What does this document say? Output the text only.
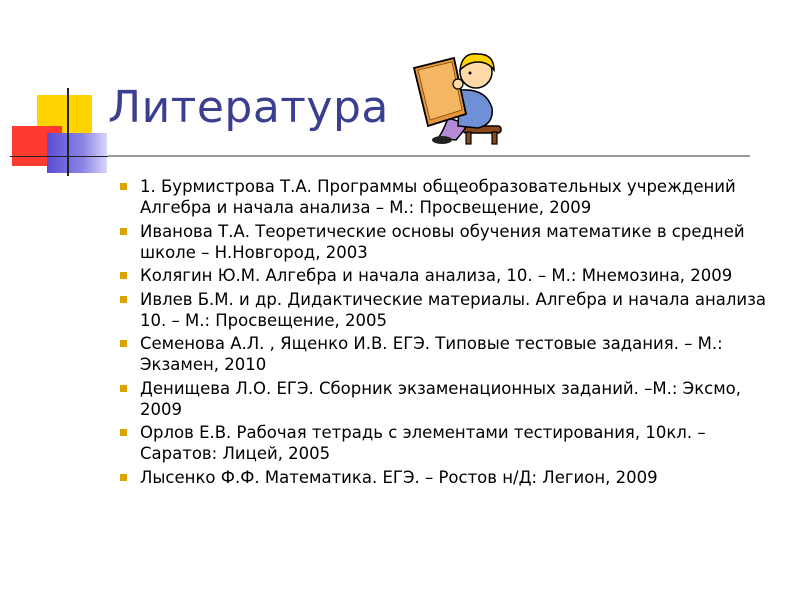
Литература
1. Бурмистрова Т.А. Программы общеобразовательных учреждений Алгебра и начала анализа – М.: Просвещение, 2009
Иванова Т.А. Теоретические основы обучения математике в средней школе – Н.Новгород, 2003
Колягин Ю.М. Алгебра и начала анализа, 10. – М.: Мнемозина, 2009
Ивлев Б.М. и др. Дидактические материалы. Алгебра и начала анализа 10. – М.: Просвещение, 2005
Семенова А.Л. , Ященко И.В. ЕГЭ. Типовые тестовые задания. – М.: Экзамен, 2010
Денищева Л.О. ЕГЭ. Сборник экзаменационных заданий. –М.: Эксмо, 2009
Орлов Е.В. Рабочая тетрадь с элементами тестирования, 10кл. – Саратов: Лицей, 2005
Лысенко Ф.Ф. Математика. ЕГЭ. – Ростов н/Д: Легион, 2009
